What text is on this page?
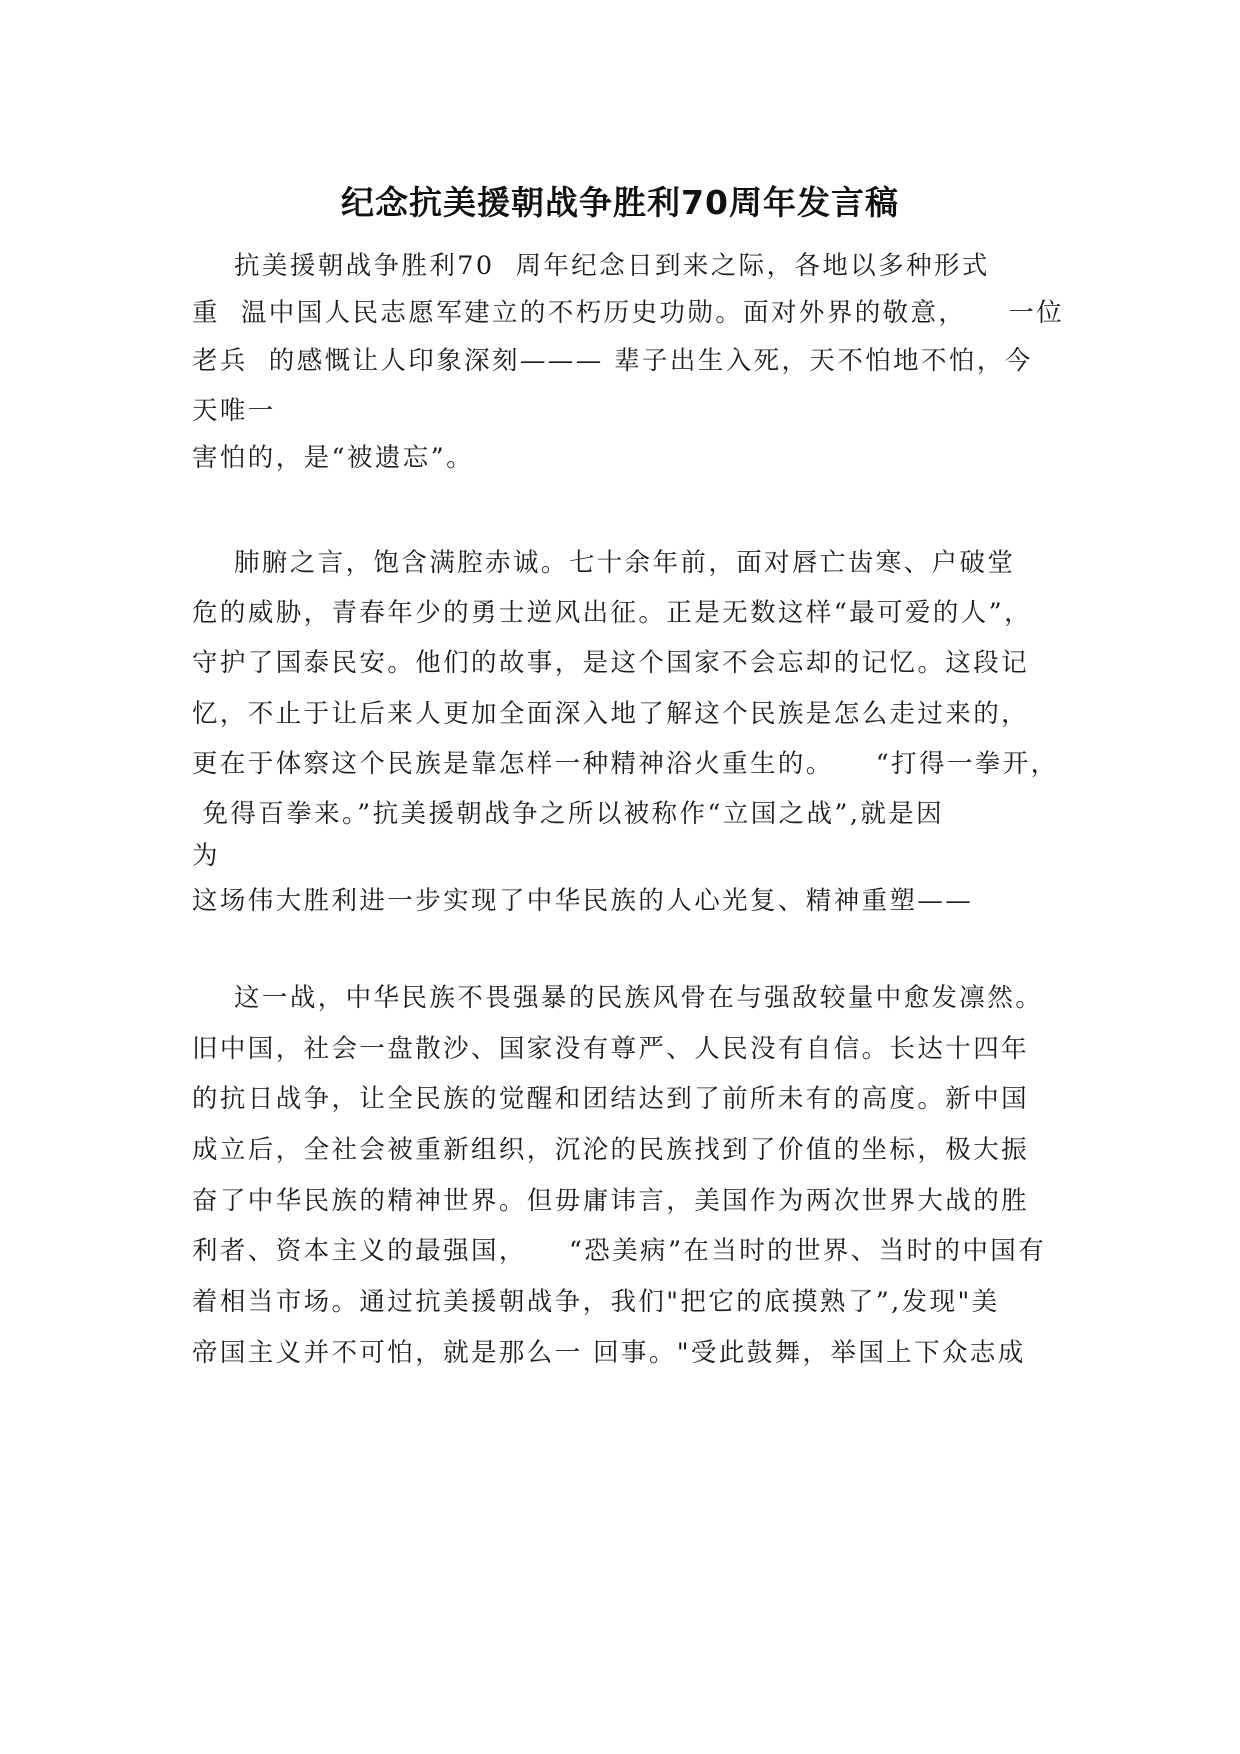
纪念抗美援朝战争胜利70周年发言稿
抗美援朝战争胜利70  周年纪念日到来之际，各地以多种形式
重  温中国人民志愿军建立的不朽历史功勋。面对外界的敬意，    一位
老兵  的感慨让人印象深刻——— 辈子出生入死，天不怕地不怕，今
天唯一
害怕的，是“被遗忘”。
肺腑之言，饱含满腔赤诚。七十余年前，面对唇亡齿寒、户破堂
危的威胁，青春年少的勇士逆风出征。正是无数这样“最可爱的人”，
守护了国泰民安。他们的故事，是这个国家不会忘却的记忆。这段记
忆，不止于让后来人更加全面深入地了解这个民族是怎么走过来的，
更在于体察这个民族是靠怎样一种精神浴火重生的。    “打得一拳开，
免得百拳来。”抗美援朝战争之所以被称作“立国之战”,就是因
为
这场伟大胜利进一步实现了中华民族的人心光复、精神重塑——
这一战，中华民族不畏强暴的民族风骨在与强敌较量中愈发凛然。
旧中国，社会一盘散沙、国家没有尊严、人民没有自信。长达十四年
的抗日战争，让全民族的觉醒和团结达到了前所未有的高度。新中国
成立后，全社会被重新组织，沉沦的民族找到了价值的坐标，极大振
奋了中华民族的精神世界。但毋庸讳言，美国作为两次世界大战的胜
利者、资本主义的最强国，    “恐美病”在当时的世界、当时的中国有
着相当市场。通过抗美援朝战争，我们"把它的底摸熟了”,发现"美
帝国主义并不可怕，就是那么一 回事。"受此鼓舞，举国上下众志成
